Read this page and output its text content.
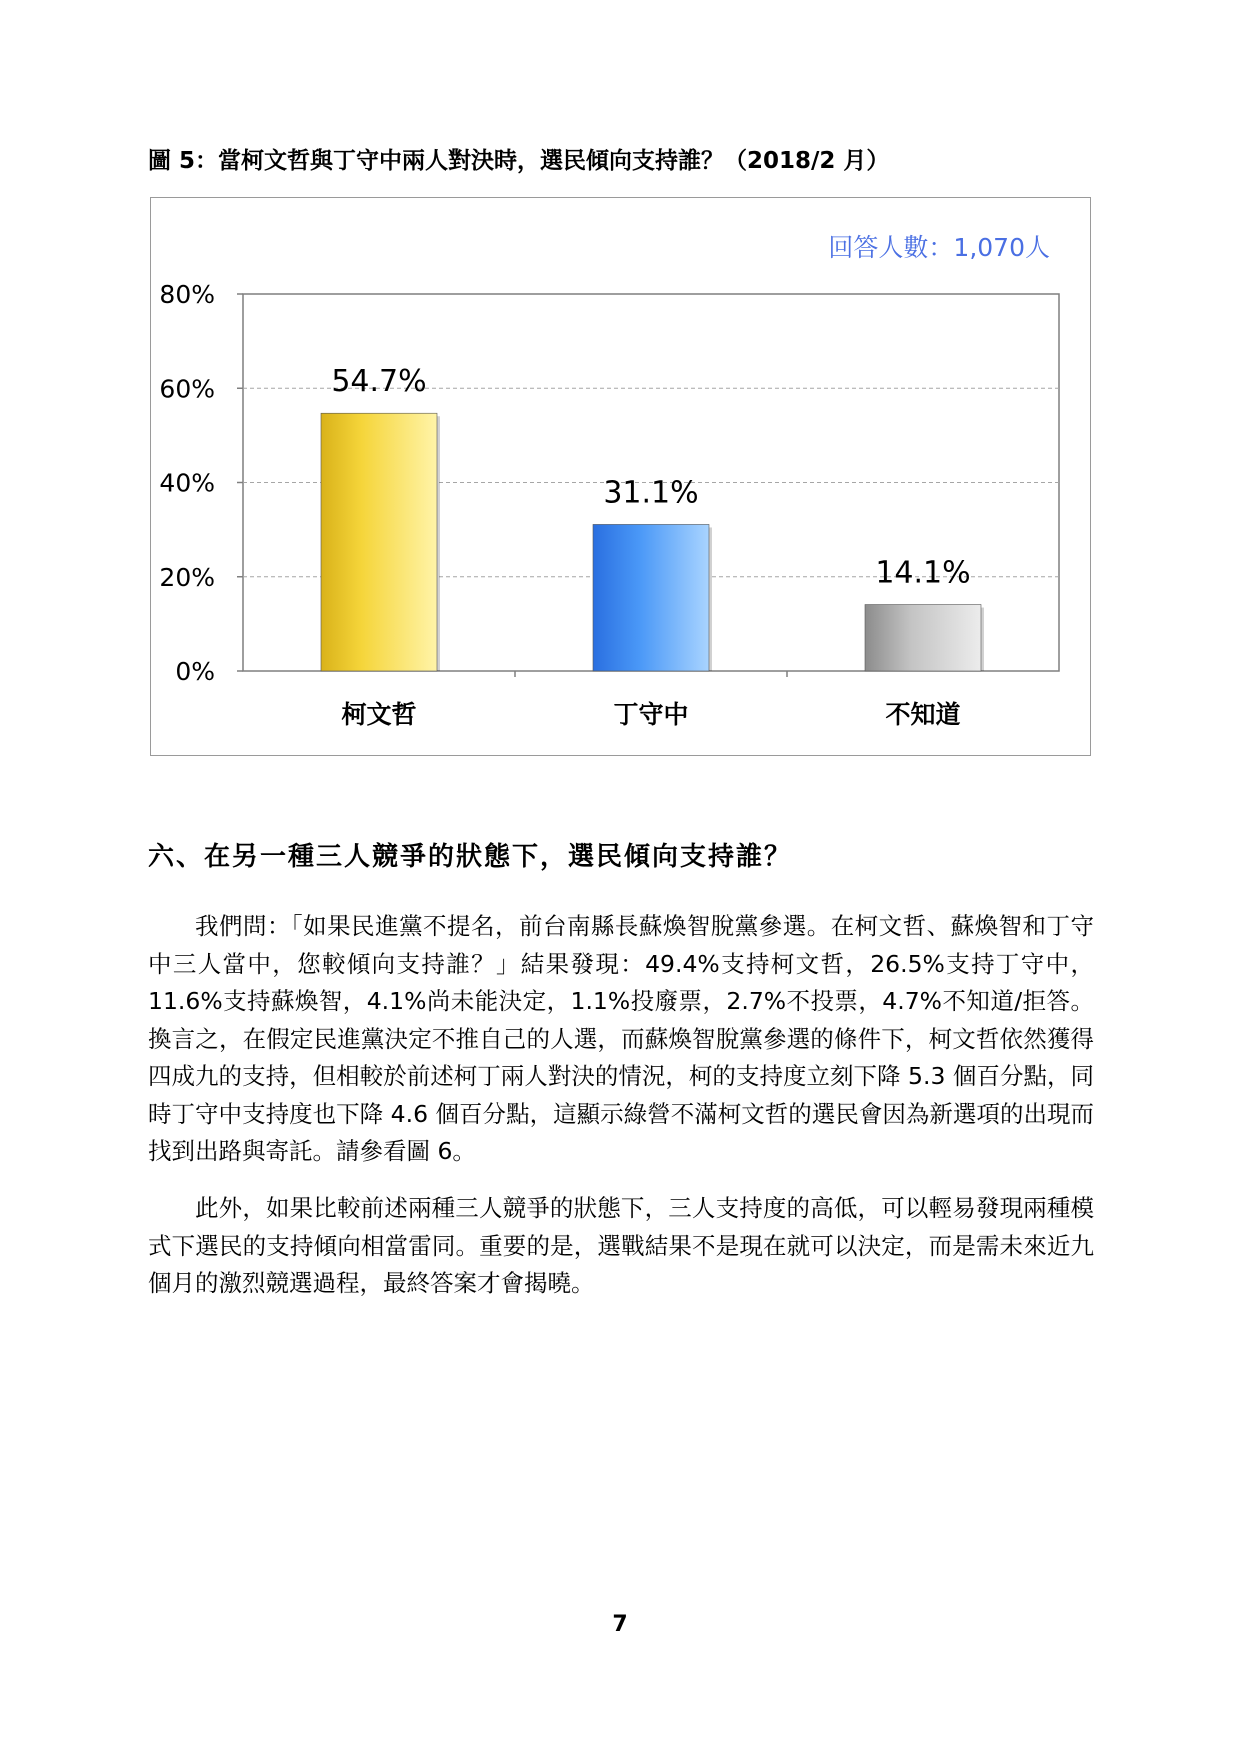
圖 5：當柯文哲與丁守中兩人對決時，選民傾向支持誰？（2018/2 月）
回答人數：1,070人
0%
20%
40%
60%
80%
54.7%
柯文哲
31.1%
丁守中
14.1%
不知道
六、在另一種三人競爭的狀態下，選民傾向支持誰？

我們問：「如果民進黨不提名，前台南縣長蘇煥智脫黨參選。在柯文哲、蘇煥智和丁守中三人當中，您較傾向支持誰？」結果發現：49.4%支持柯文哲，26.5%支持丁守中，11.6%支持蘇煥智，4.1%尚未能決定，1.1%投廢票，2.7%不投票，4.7%不知道/拒答。換言之，在假定民進黨決定不推自己的人選，而蘇煥智脫黨參選的條件下，柯文哲依然獲得四成九的支持，但相較於前述柯丁兩人對決的情況，柯的支持度立刻下降 5.3 個百分點，同時丁守中支持度也下降 4.6 個百分點，這顯示綠營不滿柯文哲的選民會因為新選項的出現而找到出路與寄託。請參看圖 6。

此外，如果比較前述兩種三人競爭的狀態下，三人支持度的高低，可以輕易發現兩種模式下選民的支持傾向相當雷同。重要的是，選戰結果不是現在就可以決定，而是需未來近九個月的激烈競選過程，最終答案才會揭曉。

7
